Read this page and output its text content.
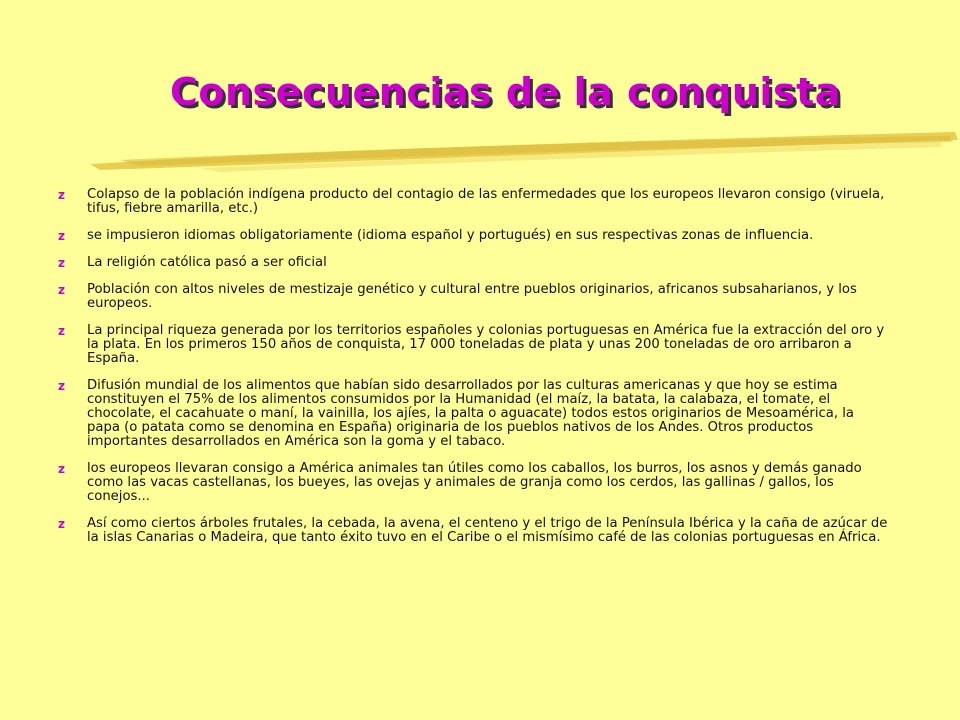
Consecuencias de la conquista
z Colapso de la población indígena producto del contagio de las enfermedades que los europeos llevaron consigo (viruela, tifus, fiebre amarilla, etc.)
z se impusieron idiomas obligatoriamente (idioma español y portugués) en sus respectivas zonas de influencia.
z La religión católica pasó a ser oficial
z Población con altos niveles de mestizaje genético y cultural entre pueblos originarios, africanos subsaharianos, y los europeos.
z La principal riqueza generada por los territorios españoles y colonias portuguesas en América fue la extracción del oro y la plata. En los primeros 150 años de conquista, 17 000 toneladas de plata y unas 200 toneladas de oro arribaron a España.
z Difusión mundial de los alimentos que habían sido desarrollados por las culturas americanas y que hoy se estima constituyen el 75% de los alimentos consumidos por la Humanidad (el maíz, la batata, la calabaza, el tomate, el chocolate, el cacahuate o maní, la vainilla, los ajíes, la palta o aguacate) todos estos originarios de Mesoamérica, la papa (o patata como se denomina en España) originaria de los pueblos nativos de los Andes. Otros productos importantes desarrollados en América son la goma y el tabaco.
z los europeos llevaran consigo a América animales tan útiles como los caballos, los burros, los asnos y demás ganado como las vacas castellanas, los bueyes, las ovejas y animales de granja como los cerdos, las gallinas / gallos, los conejos...
z Así como ciertos árboles frutales, la cebada, la avena, el centeno y el trigo de la Península Ibérica y la caña de azúcar de la islas Canarias o Madeira, que tanto éxito tuvo en el Caribe o el mismísimo café de las colonias portuguesas en África.
